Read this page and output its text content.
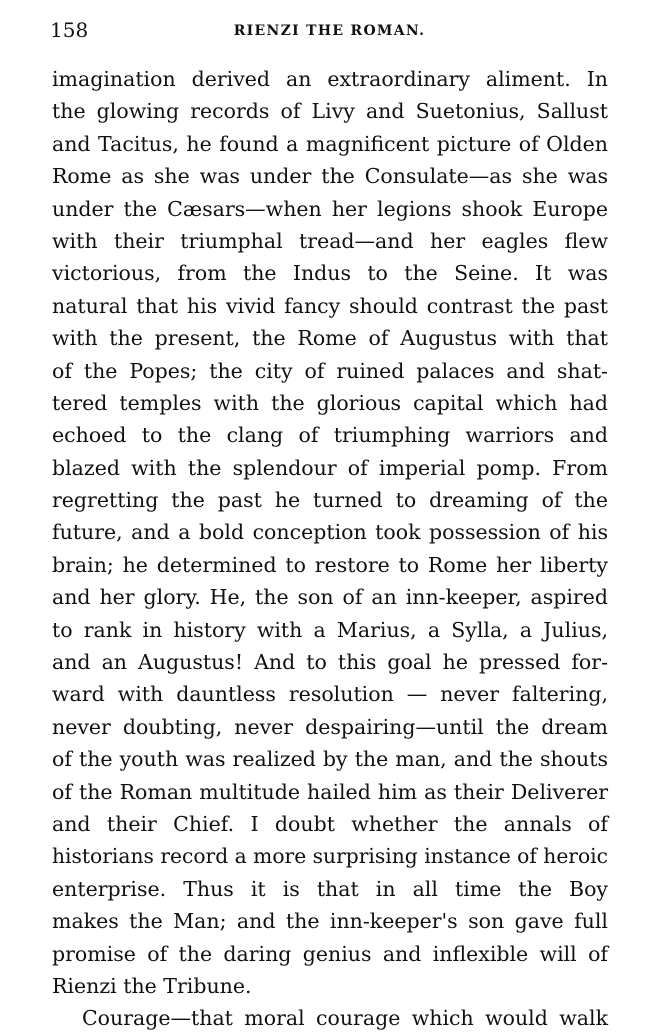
158	RIENZI THE ROMAN.
imagination derived an extraordinary aliment. In
the glowing records of Livy and Suetonius, Sallust
and Tacitus, he found a magnificent picture of Olden
Rome as she was under the Consulate—as she was
under the Cæsars—when her legions shook Europe
with their triumphal tread—and her eagles flew
victorious, from the Indus to the Seine. It was
natural that his vivid fancy should contrast the past
with the present, the Rome of Augustus with that
of the Popes; the city of ruined palaces and shat-
tered temples with the glorious capital which had
echoed to the clang of triumphing warriors and
blazed with the splendour of imperial pomp. From
regretting the past he turned to dreaming of the
future, and a bold conception took possession of his
brain; he determined to restore to Rome her liberty
and her glory. He, the son of an inn-keeper, aspired
to rank in history with a Marius, a Sylla, a Julius,
and an Augustus! And to this goal he pressed for-
ward with dauntless resolution — never faltering,
never doubting, never despairing—until the dream
of the youth was realized by the man, and the shouts
of the Roman multitude hailed him as their Deliverer
and their Chief. I doubt whether the annals of
historians record a more surprising instance of heroic
enterprise. Thus it is that in all time the Boy
makes the Man; and the inn-keeper's son gave full
promise of the daring genius and inflexible will of
Rienzi the Tribune.
Courage—that moral courage which would walk
